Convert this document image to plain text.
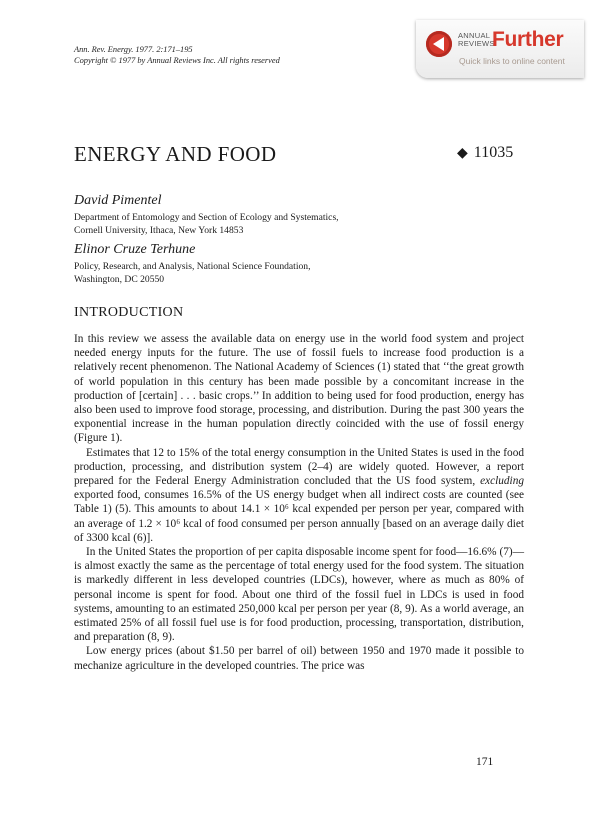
Ann. Rev. Energy. 1977. 2:171–195
Copyright © 1977 by Annual Reviews Inc. All rights reserved
ANNUAL
REVIEWS
Further
Quick links to online content
ENERGY AND FOOD	◆ 11035
David Pimentel
Department of Entomology and Section of Ecology and Systematics,
Cornell University, Ithaca, New York 14853
Elinor Cruze Terhune
Policy, Research, and Analysis, National Science Foundation,
Washington, DC 20550
INTRODUCTION

In this review we assess the available data on energy use in the world food system and project needed energy inputs for the future. The use of fossil fuels to increase food production is a relatively recent phenomenon. The National Academy of Sciences (1) stated that ‘‘the great growth of world population in this century has been made possible by a concomitant increase in the production of [certain] . . . basic crops.’’ In addition to being used for food production, energy has also been used to improve food storage, processing, and distribution. During the past 300 years the exponential increase in the human population directly coincided with the use of fossil energy (Figure 1).

Estimates that 12 to 15% of the total energy consumption in the United States is used in the food production, processing, and distribution system (2–4) are widely quoted. However, a report prepared for the Federal Energy Administration concluded that the US food system, excluding exported food, consumes 16.5% of the US energy budget when all indirect costs are counted (see Table 1) (5). This amounts to about 14.1 × 10⁶ kcal expended per person per year, compared with an average of 1.2 × 10⁶ kcal of food consumed per person annually [based on an average daily diet of 3300 kcal (6)].

In the United States the proportion of per capita disposable income spent for food—16.6% (7)—is almost exactly the same as the percentage of total energy used for the food system. The situation is markedly different in less developed countries (LDCs), however, where as much as 80% of personal income is spent for food. About one third of the fossil fuel in LDCs is used in food systems, amounting to an estimated 250,000 kcal per person per year (8, 9). As a world average, an estimated 25% of all fossil fuel use is for food production, processing, transportation, distribution, and preparation (8, 9).

Low energy prices (about $1.50 per barrel of oil) between 1950 and 1970 made it possible to mechanize agriculture in the developed countries. The price was

171
